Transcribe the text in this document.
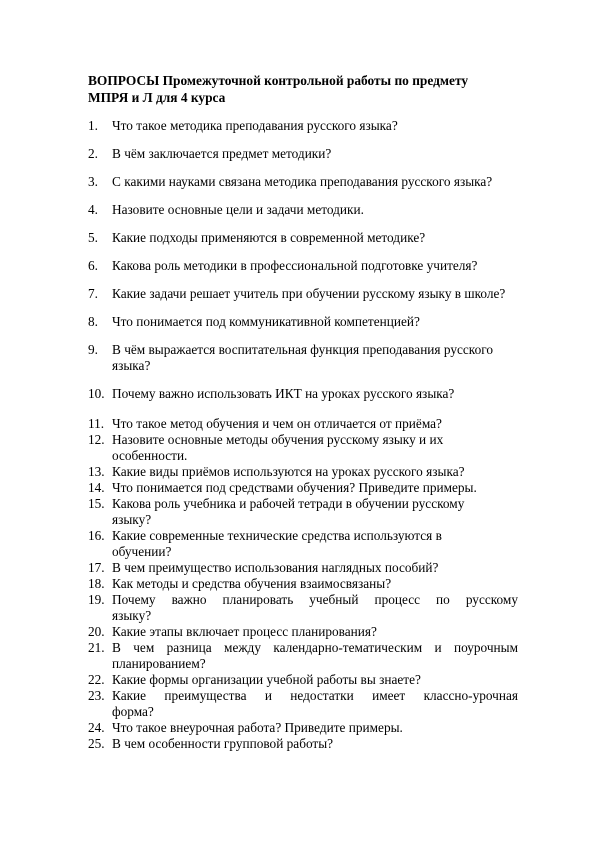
ВОПРОСЫ Промежуточной контрольной работы по предмету
МПРЯ и Л для 4 курса
1.	Что такое методика преподавания русского языка?
2.	В чём заключается предмет методики?
3.	С какими науками связана методика преподавания русского языка?
4.	Назовите основные цели и задачи методики.
5.	Какие подходы применяются в современной методике?
6.	Какова роль методики в профессиональной подготовке учителя?
7.	Какие задачи решает учитель при обучении русскому языку в школе?
8.	Что понимается под коммуникативной компетенцией?
9.	В чём выражается воспитательная функция преподавания русского
языка?
10. Почему важно использовать ИКТ на уроках русского языка?
11. Что такое метод обучения и чем он отличается от приёма?
12. Назовите основные методы обучения русскому языку и их
особенности.
13. Какие виды приёмов используются на уроках русского языка?
14. Что понимается под средствами обучения? Приведите примеры.
15. Какова роль учебника и рабочей тетради в обучении русскому
языку?
16. Какие современные технические средства используются в
обучении?
17. В чем преимущество использования наглядных пособий?
18. Как методы и средства обучения взаимосвязаны?
19. Почему важно планировать учебный процесс по русскому
языку?
20. Какие этапы включает процесс планирования?
21. В чем разница между календарно-тематическим и поурочным
планированием?
22. Какие формы организации учебной работы вы знаете?
23. Какие преимущества и недостатки имеет классно-урочная
форма?
24. Что такое внеурочная работа? Приведите примеры.
25. В чем особенности групповой работы?
